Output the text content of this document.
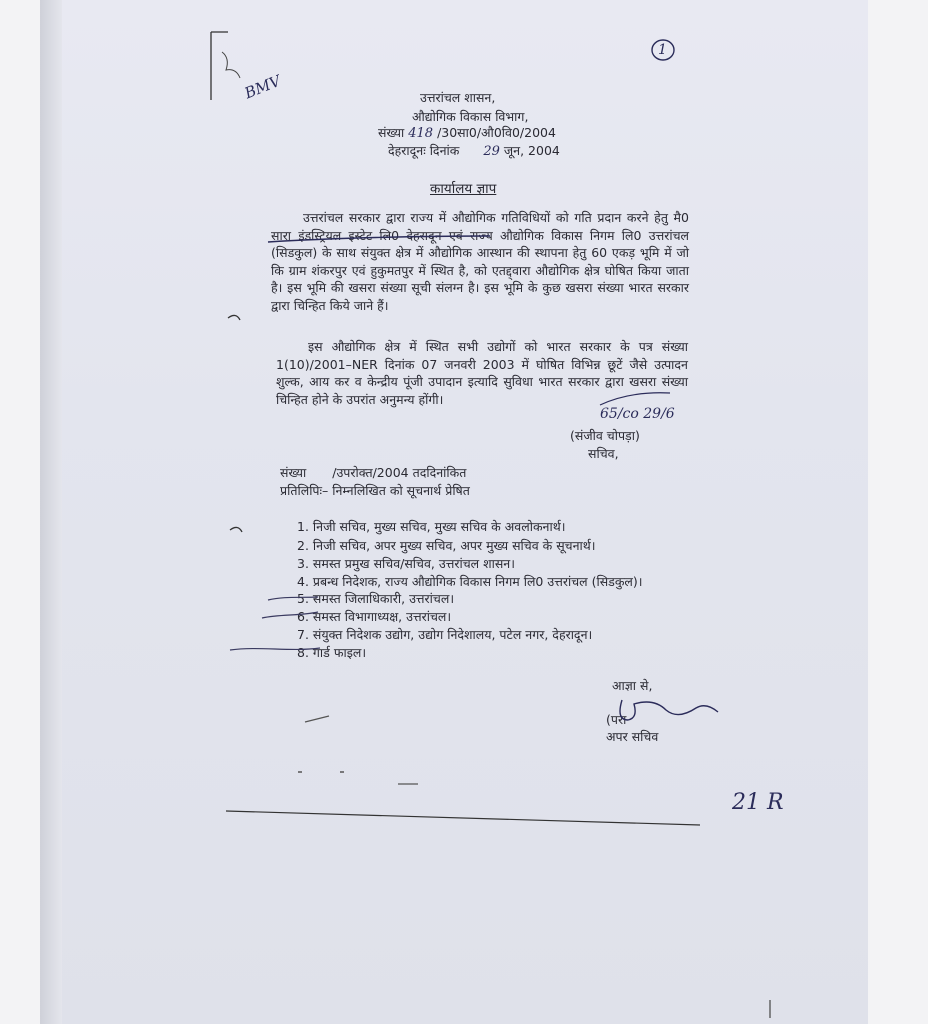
उत्तरांचल शासन,
औद्योगिक विकास विभाग,
संख्या 418 /30सा0/औ0वि0/2004
देहरादूनः दिनांक 29 जून, 2004
कार्यालय ज्ञाप
उत्तरांचल सरकार द्वारा राज्य में औद्योगिक गतिविधियों को गति प्रदान करने हेतु मै0 सारा इंडस्ट्रियल इस्टेट लि0 देहरादून एवं राज्य औद्योगिक विकास निगम लि0 उत्तरांचल (सिडकुल) के साथ संयुक्त क्षेत्र में औद्योगिक आस्थान की स्थापना हेतु 60 एकड़ भूमि में जो कि ग्राम शंकरपुर एवं हुकुमतपुर में स्थित है, को एतद्द्वारा औद्योगिक क्षेत्र घोषित किया जाता है। इस भूमि की खसरा संख्या सूची संलग्न है। इस भूमि के कुछ खसरा संख्या भारत सरकार द्वारा चिन्हित किये जाने हैं।
इस औद्योगिक क्षेत्र में स्थित सभी उद्योगों को भारत सरकार के पत्र संख्या 1(10)/2001–NER दिनांक 07 जनवरी 2003 में घोषित विभिन्न छूटें जैसे उत्पादन शुल्क, आय कर व केन्द्रीय पूंजी उपादान इत्यादि सुविधा भारत सरकार द्वारा खसरा संख्या चिन्हित होने के उपरांत अनुमन्य होंगी।
65/co 29/6
(संजीव चोपड़ा)
सचिव,
संख्या /उपरोक्त/2004 तददिनांकित
प्रतिलिपिः– निम्नलिखित को सूचनार्थ प्रेषित
1. निजी सचिव, मुख्य सचिव, मुख्य सचिव के अवलोकनार्थ।
2. निजी सचिव, अपर मुख्य सचिव, अपर मुख्य सचिव के सूचनार्थ।
3. समस्त प्रमुख सचिव/सचिव, उत्तरांचल शासन।
4. प्रबन्ध निदेशक, राज्य औद्योगिक विकास निगम लि0 उत्तरांचल (सिडकुल)।
5. समस्त जिलाधिकारी, उत्तरांचल।
6. समस्त विभागाध्यक्ष, उत्तरांचल।
7. संयुक्त निदेशक उद्योग, उद्योग निदेशालय, पटेल नगर, देहरादून।
8. गार्ड फाइल।
आज्ञा से,
(परा
अपर सचिव
BMV
1
21 R
